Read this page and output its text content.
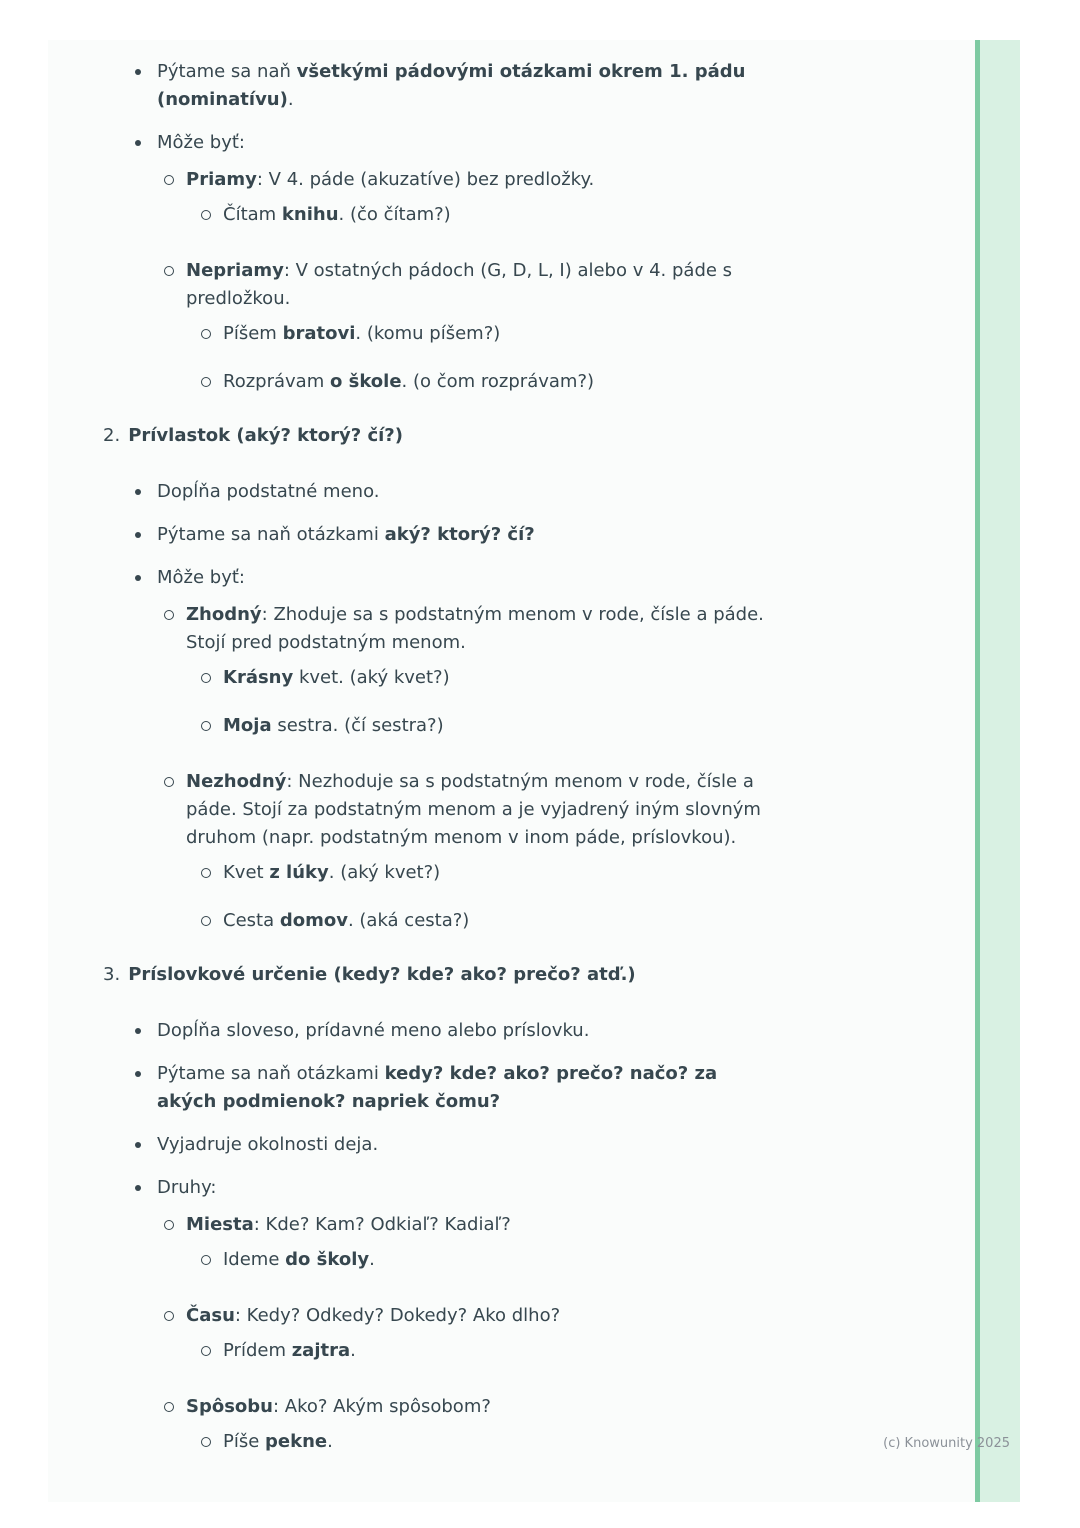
Pýtame sa naň všetkými pádovými otázkami okrem 1. pádu (nominatívu).
Môže byť:
Priamy: V 4. páde (akuzatíve) bez predložky.
Čítam knihu. (čo čítam?)
Nepriamy: V ostatných pádoch (G, D, L, I) alebo v 4. páde s predložkou.
Píšem bratovi. (komu píšem?)
Rozprávam o škole. (o čom rozprávam?)
2. Prívlastok (aký? ktorý? čí?)
Dopĺňa podstatné meno.
Pýtame sa naň otázkami aký? ktorý? čí?
Môže byť:
Zhodný: Zhoduje sa s podstatným menom v rode, čísle a páde. Stojí pred podstatným menom.
Krásny kvet. (aký kvet?)
Moja sestra. (čí sestra?)
Nezhodný: Nezhoduje sa s podstatným menom v rode, čísle a páde. Stojí za podstatným menom a je vyjadrený iným slovným druhom (napr. podstatným menom v inom páde, príslovkou).
Kvet z lúky. (aký kvet?)
Cesta domov. (aká cesta?)
3. Príslovkové určenie (kedy? kde? ako? prečo? atď.)
Dopĺňa sloveso, prídavné meno alebo príslovku.
Pýtame sa naň otázkami kedy? kde? ako? prečo? načo? za akých podmienok? napriek čomu?
Vyjadruje okolnosti deja.
Druhy:
Miesta: Kde? Kam? Odkiaľ? Kadiaľ?
Ideme do školy.
Času: Kedy? Odkedy? Dokedy? Ako dlho?
Prídem zajtra.
Spôsobu: Ako? Akým spôsobom?
Píše pekne.	(c) Knowunity 2025
